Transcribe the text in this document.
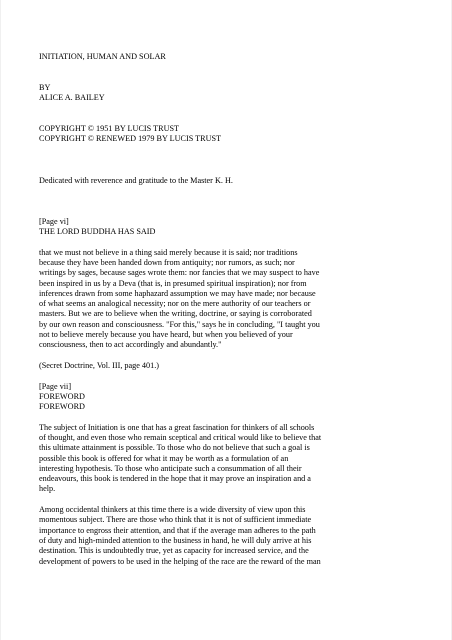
INITIATION, HUMAN AND SOLAR
BY
ALICE A. BAILEY
COPYRIGHT © 1951 BY LUCIS TRUST
COPYRIGHT © RENEWED 1979 BY LUCIS TRUST
Dedicated with reverence and gratitude to the Master K. H.
[Page vi]
THE LORD BUDDHA HAS SAID
that we must not believe in a thing said merely because it is said; nor traditions
because they have been handed down from antiquity; nor rumors, as such; nor
writings by sages, because sages wrote them: nor fancies that we may suspect to have
been inspired in us by a Deva (that is, in presumed spiritual inspiration); nor from
inferences drawn from some haphazard assumption we may have made; nor because
of what seems an analogical necessity; nor on the mere authority of our teachers or
masters. But we are to believe when the writing, doctrine, or saying is corroborated
by our own reason and consciousness. "For this," says he in concluding, "I taught you
not to believe merely because you have heard, but when you believed of your
consciousness, then to act accordingly and abundantly."
(Secret Doctrine, Vol. III, page 401.)
[Page vii]
FOREWORD
FOREWORD
The subject of Initiation is one that has a great fascination for thinkers of all schools
of thought, and even those who remain sceptical and critical would like to believe that
this ultimate attainment is possible. To those who do not believe that such a goal is
possible this book is offered for what it may be worth as a formulation of an
interesting hypothesis. To those who anticipate such a consummation of all their
endeavours, this book is tendered in the hope that it may prove an inspiration and a
help.
Among occidental thinkers at this time there is a wide diversity of view upon this
momentous subject. There are those who think that it is not of sufficient immediate
importance to engross their attention, and that if the average man adheres to the path
of duty and high-minded attention to the business in hand, he will duly arrive at his
destination. This is undoubtedly true, yet as capacity for increased service, and the
development of powers to be used in the helping of the race are the reward of the man
